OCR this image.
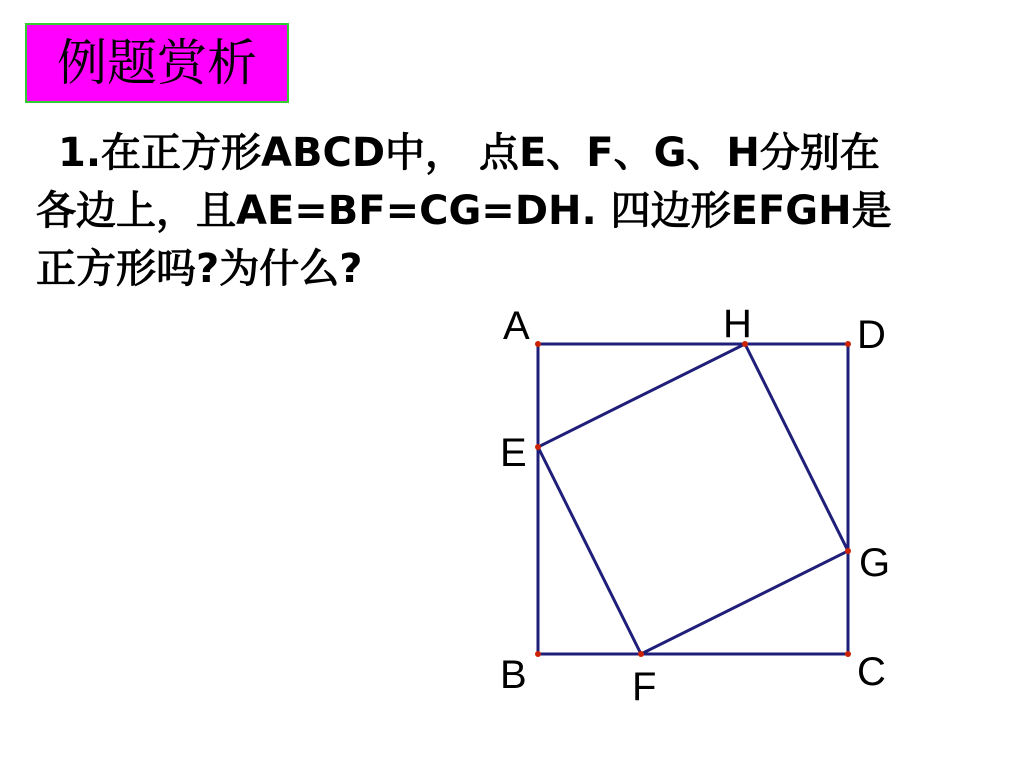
例题赏析
1.在正方形ABCD中， 点E、F、G、H分别在
各边上，且AE=BF=CG=DH. 四边形EFGH是
正方形吗?为什么?
A	H	D
E
G
B	C
F
